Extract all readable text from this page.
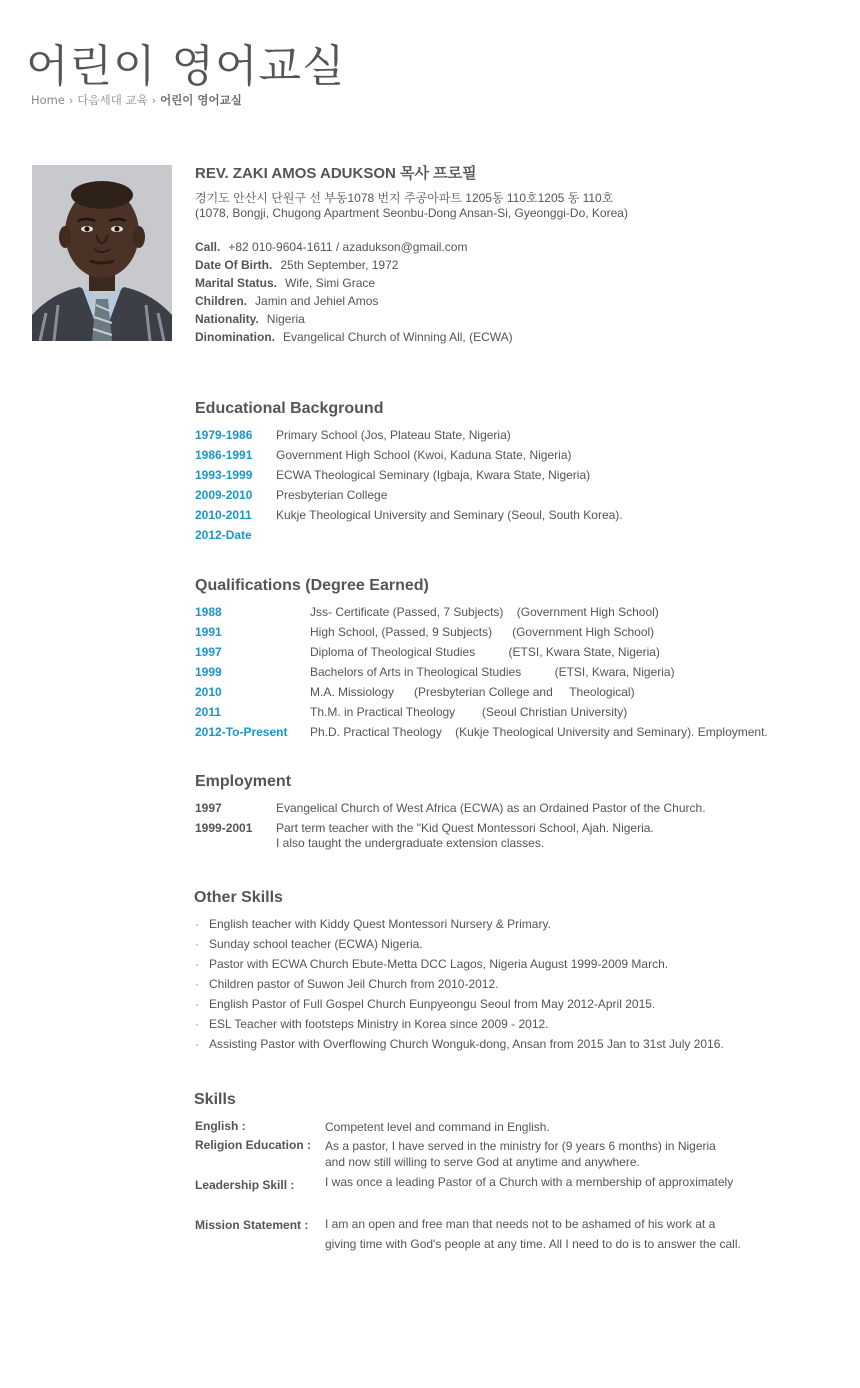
어린이 영어교실
Home › 다음세대 교육 › 어린이 영어교실
REV. ZAKI AMOS ADUKSON 목사 프로필
경기도 안산시 단원구 선 부동1078 번지 주공아파트 1205동 110호1205 동 110호
(1078, Bongji, Chugong Apartment Seonbu-Dong Ansan-Si, Gyeonggi-Do, Korea)
Call. +82 010-9604-1611 / azadukson@gmail.com
Date Of Birth. 25th September, 1972
Marital Status. Wife, Simi Grace
Children. Jamin and Jehiel Amos
Nationality. Nigeria
Dinomination. Evangelical Church of Winning All, (ECWA)
Educational Background
1979-1986 Primary School (Jos, Plateau State, Nigeria)
1986-1991 Government High School (Kwoi, Kaduna State, Nigeria)
1993-1999 ECWA Theological Seminary (Igbaja, Kwara State, Nigeria)
2009-2010 Presbyterian College
2010-2011 Kukje Theological University and Seminary (Seoul, South Korea).
2012-Date
Qualifications (Degree Earned)
1988	Jss- Certificate (Passed, 7 Subjects)    (Government High School)
1991	High School, (Passed, 9 Subjects)      (Government High School)
1997	Diploma of Theological Studies          (ETSI, Kwara State, Nigeria)
1999	Bachelors of Arts in Theological Studies          (ETSI, Kwara, Nigeria)
2010	M.A. Missiology      (Presbyterian College and     Theological)
2011	Th.M. in Practical Theology        (Seoul Christian University)
2012-To-Present Ph.D. Practical Theology    (Kukje Theological University and Seminary). Employment.
Employment
1997	Evangelical Church of West Africa (ECWA) as an Ordained Pastor of the Church.
1999-2001 Part term teacher with the "Kid Quest Montessori School, Ajah. Nigeria.
I also taught the undergraduate extension classes.
Other Skills
· English teacher with Kiddy Quest Montessori Nursery & Primary.
· Sunday school teacher (ECWA) Nigeria.
· Pastor with ECWA Church Ebute-Metta DCC Lagos, Nigeria August 1999-2009 March.
· Children pastor of Suwon Jeil Church from 2010-2012.
· English Pastor of Full Gospel Church Eunpyeongu Seoul from May 2012-April 2015.
· ESL Teacher with footsteps Ministry in Korea since 2009 - 2012.
· Assisting Pastor with Overflowing Church Wonguk-dong, Ansan from 2015 Jan to 31st July 2016.
Skills
English :	Competent level and command in English.
Religion Education : As a pastor, I have served in the ministry for (9 years 6 months) in Nigeria
and now still willing to serve God at anytime and anywhere.
Leadership Skill :	I was once a leading Pastor of a Church with a membership of approximately
Mission Statement : I am an open and free man that needs not to be ashamed of his work at a
giving time with God's people at any time. All I need to do is to answer the call.
